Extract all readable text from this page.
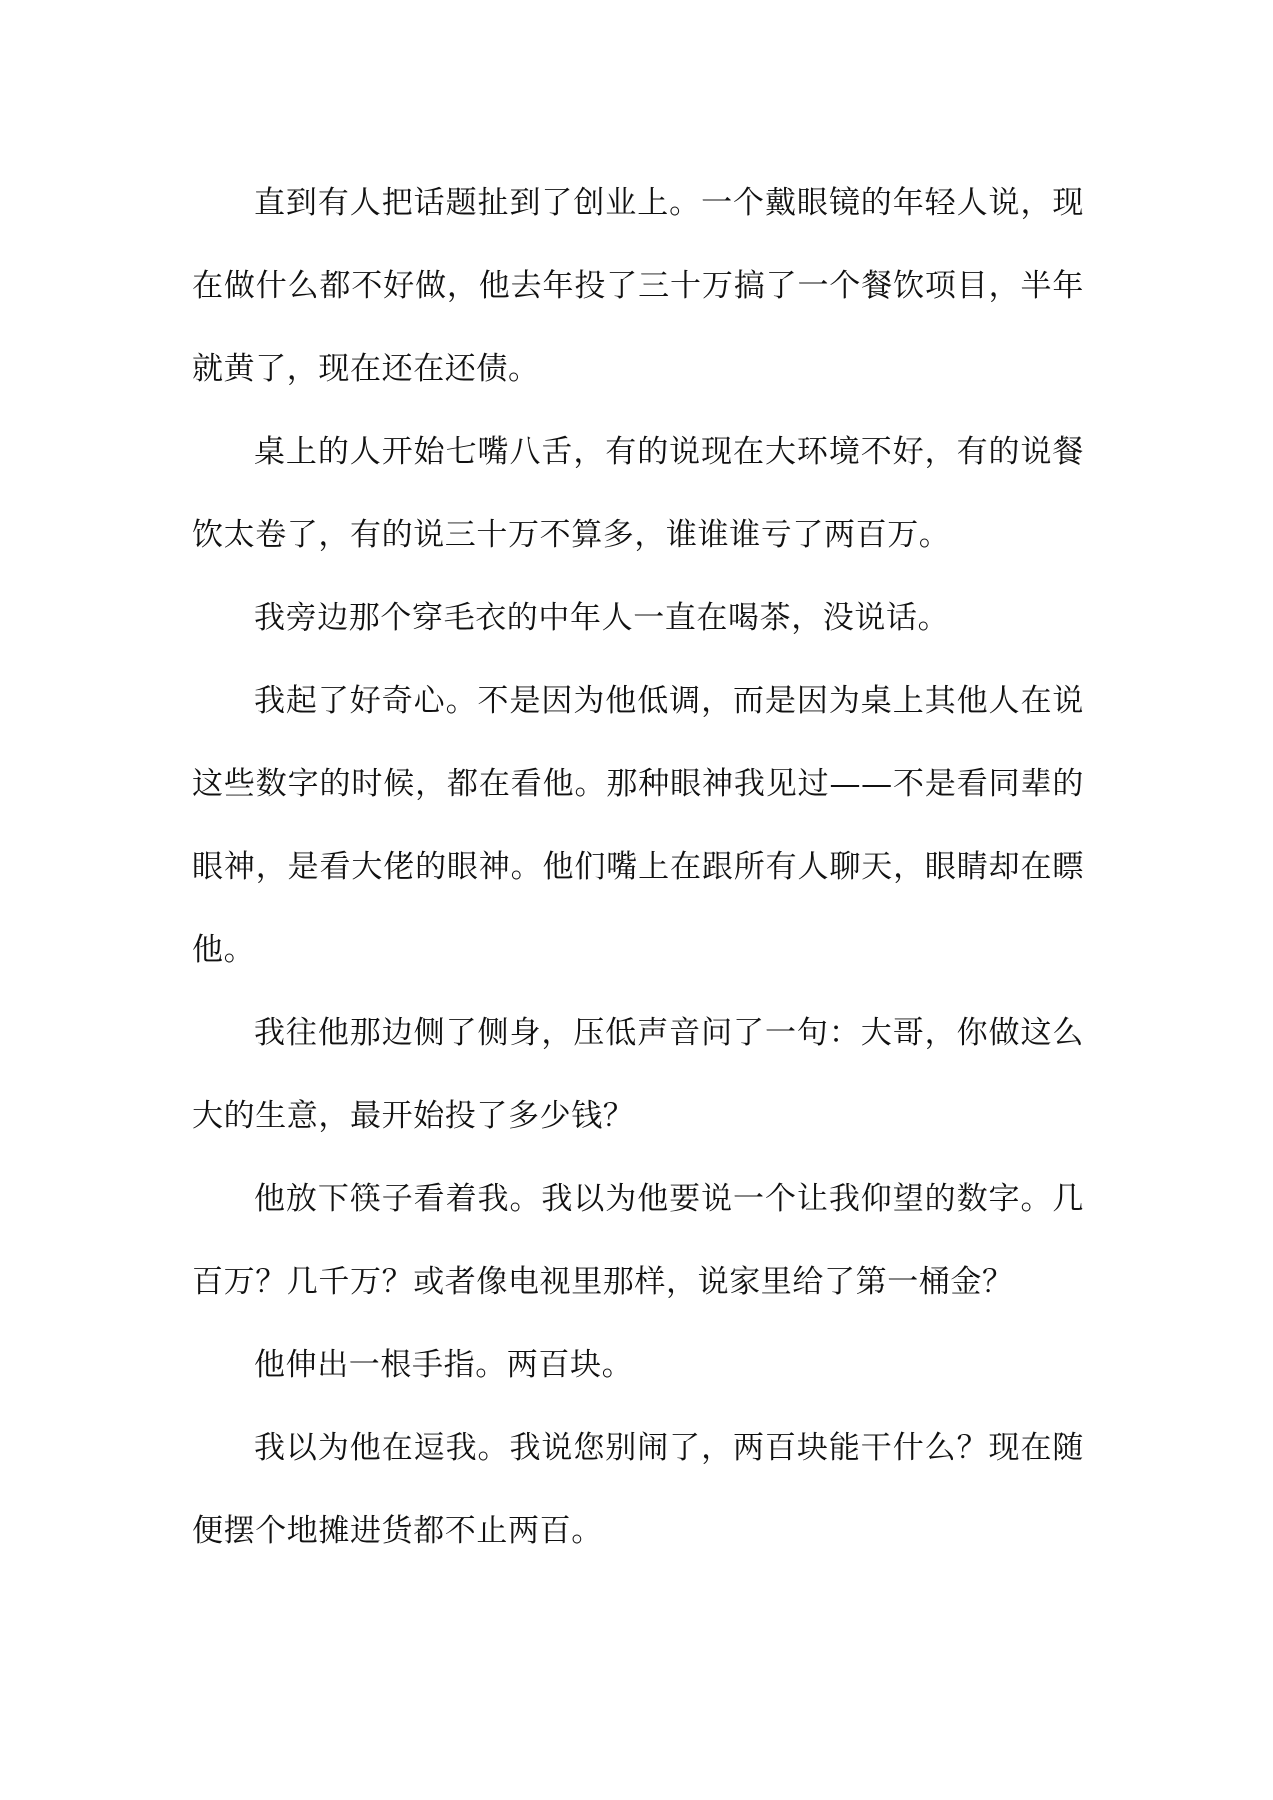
直到有人把话题扯到了创业上。一个戴眼镜的年轻人说，现在做什么都不好做，他去年投了三十万搞了一个餐饮项目，半年就黄了，现在还在还债。

桌上的人开始七嘴八舌，有的说现在大环境不好，有的说餐饮太卷了，有的说三十万不算多，谁谁谁亏了两百万。

我旁边那个穿毛衣的中年人一直在喝茶，没说话。

我起了好奇心。不是因为他低调，而是因为桌上其他人在说这些数字的时候，都在看他。那种眼神我见过——不是看同辈的眼神，是看大佬的眼神。他们嘴上在跟所有人聊天，眼睛却在瞟他。

我往他那边侧了侧身，压低声音问了一句：大哥，你做这么大的生意，最开始投了多少钱？

他放下筷子看着我。我以为他要说一个让我仰望的数字。几百万？几千万？或者像电视里那样，说家里给了第一桶金？

他伸出一根手指。两百块。

我以为他在逗我。我说您别闹了，两百块能干什么？现在随便摆个地摊进货都不止两百。
